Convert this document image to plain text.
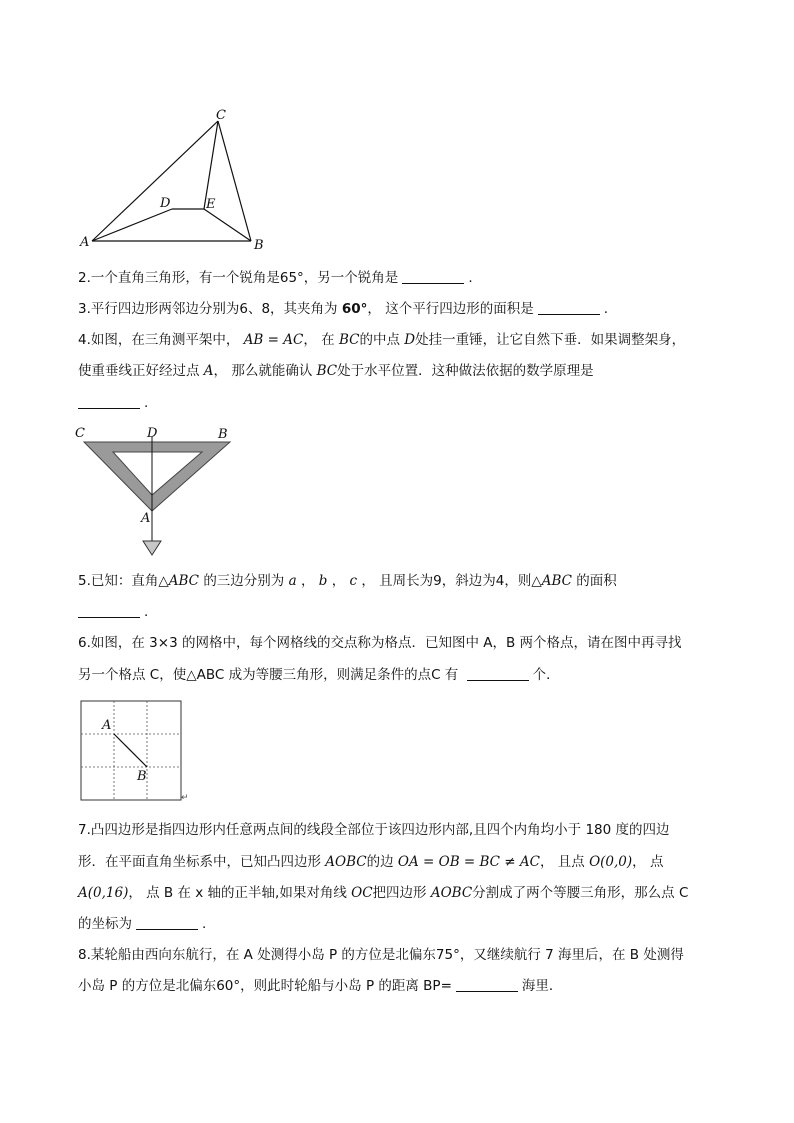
C
A	B
D	E
2.一个直角三角形，有一个锐角是65°，另一个锐角是	.
3.平行四边形两邻边分别为6、8，其夹角为 60°， 这个平行四边形的面积是	.
4.如图，在三角测平架中， AB = AC， 在 BC的中点 D处挂一重锤，让它自然下垂．如果调整架身，
使重垂线正好经过点 A， 那么就能确认 BC处于水平位置．这种做法依据的数学原理是
.
C	D	B
A
5.已知：直角△ABC 的三边分别为 a ， b ， c ， 且周长为9，斜边为4，则△ABC 的面积
.
6.如图，在 3×3 的网格中，每个网格线的交点称为格点．已知图中 A，B 两个格点，请在图中再寻找
另一个格点 C，使△ABC 成为等腰三角形，则满足条件的点C 有	个．
A
B
↵
7.凸四边形是指四边形内任意两点间的线段全部位于该四边形内部,且四个内角均小于 180 度的四边
形．在平面直角坐标系中，已知凸四边形 AOBC的边 OA = OB = BC ≠ AC， 且点 O(0,0)， 点
A(0,16)， 点 B 在 x 轴的正半轴,如果对角线 OC把四边形 AOBC分割成了两个等腰三角形，那么点 C
的坐标为	.
8.某轮船由西向东航行，在 A 处测得小岛 P 的方位是北偏东75°，又继续航行 7 海里后，在 B 处测得
小岛 P 的方位是北偏东60°，则此时轮船与小岛 P 的距离 BP=	海里．
